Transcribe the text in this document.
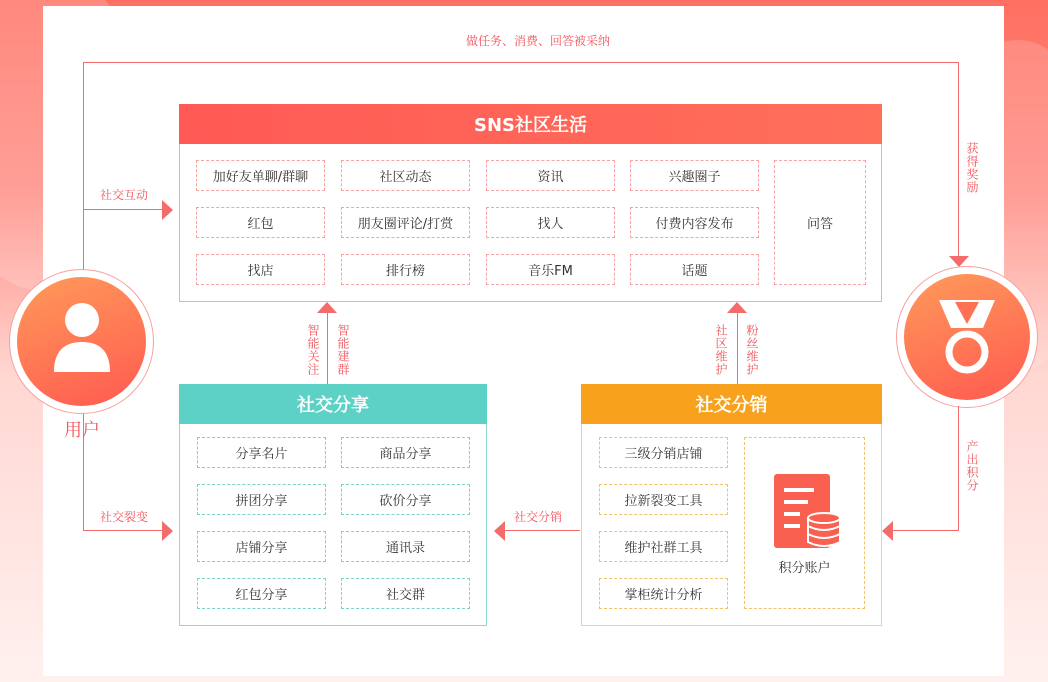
做任务、消费、回答被采纳
获得奖励
社交互动
社交裂变
用户
产出积分
SNS社区生活
加好友单聊/群聊	社区动态	资讯	兴趣圈子
红包	朋友圈评论/打赏	找人	付费内容发布
找店	排行榜	音乐FM	话题
问答
智能关注 智能建群	社区维护 粉丝维护
社交分享
分享名片	商品分享
拼团分享	砍价分享
店铺分享	通讯录
红包分享	社交群
社交分销
社交分销
三级分销店铺
拉新裂变工具
维护社群工具
掌柜统计分析
积分账户
